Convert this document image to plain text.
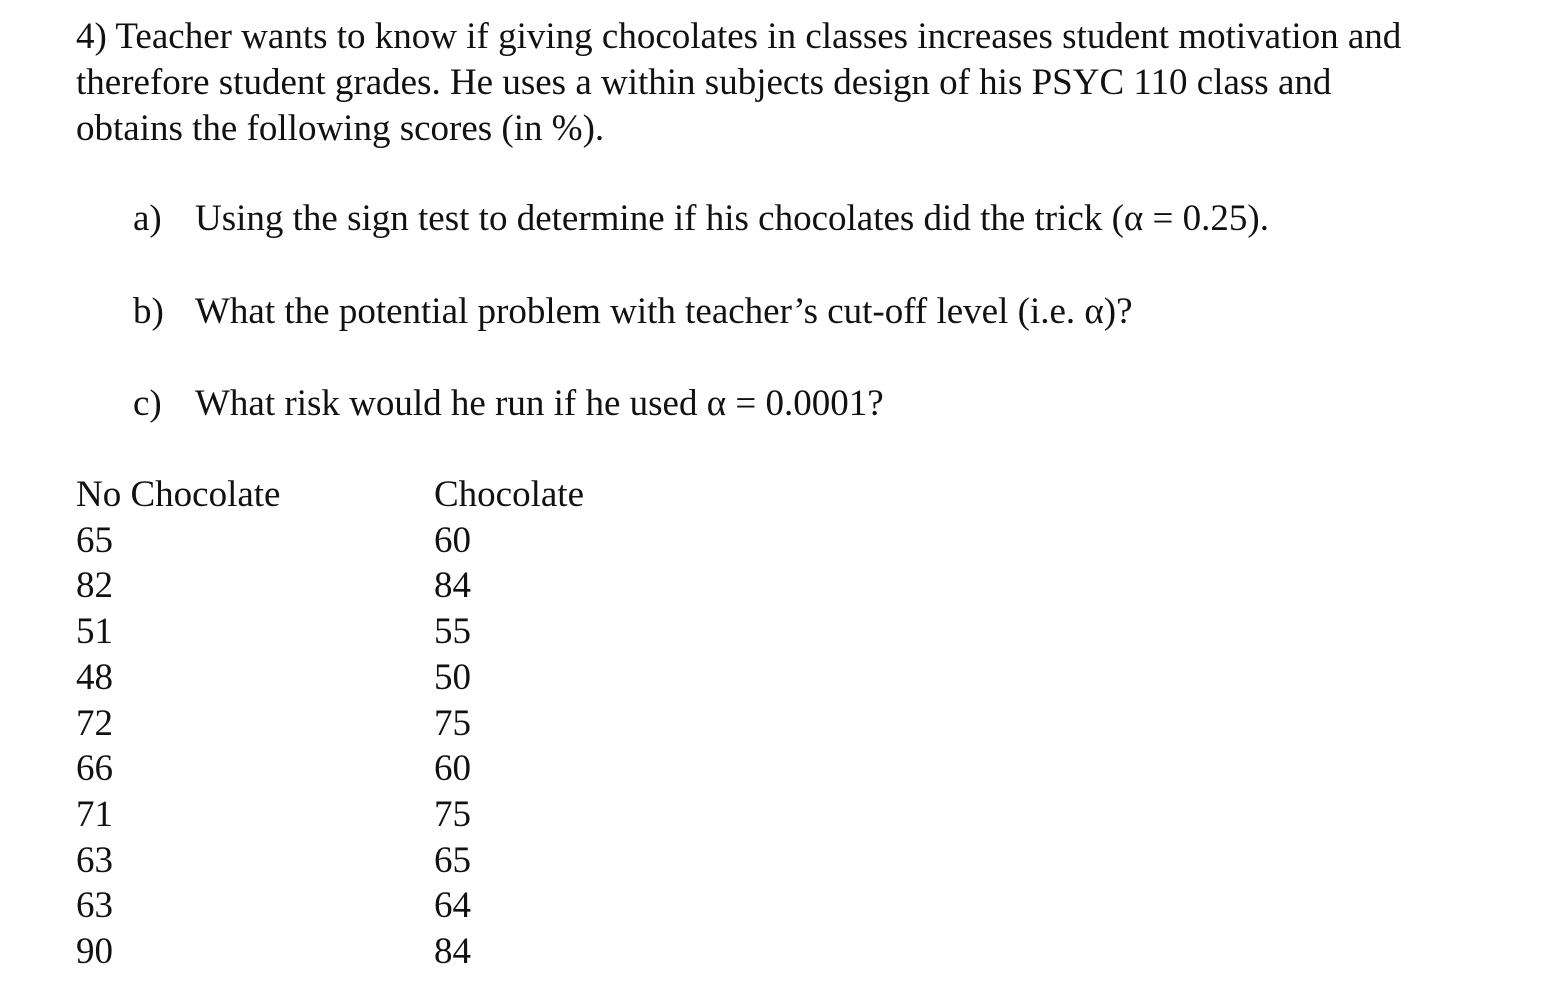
4) Teacher wants to know if giving chocolates in classes increases student motivation and
therefore student grades. He uses a within subjects design of his PSYC 110 class and
obtains the following scores (in %).
a) Using the sign test to determine if his chocolates did the trick (α = 0.25).
b) What the potential problem with teacher’s cut-off level (i.e. α)?
c) What risk would he run if he used α = 0.0001?
No Chocolate
65
82
51
48
72
66
71
63
63
90
Chocolate
60
84
55
50
75
60
75
65
64
84
